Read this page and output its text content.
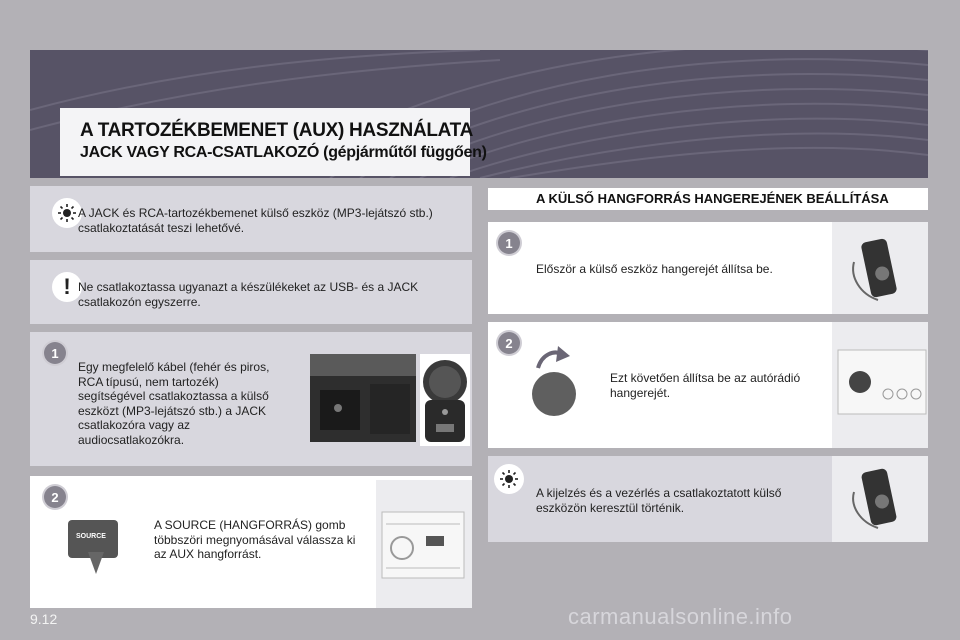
A TARTOZÉKBEMENET (AUX) HASZNÁLATA
JACK VAGY RCA-CSATLAKOZÓ (gépjárműtől függően)
A JACK és RCA-tartozékbemenet külső eszköz (MP3-lejátszó stb.) csatlakoztatását teszi lehetővé.
! Ne csatlakoztassa ugyanazt a készülékeket az USB- és a JACK csatlakozón egyszerre.
1
Egy megfelelő kábel (fehér és piros, RCA típusú, nem tartozék) segítségével csatlakoztassa a külső eszközt (MP3-lejátszó stb.) a JACK csatlakozóra vagy az audiocsatlakozókra.
2
SOURCE
A SOURCE (HANGFORRÁS) gomb többszöri megnyomásával válassza ki az AUX hangforrást.
A KÜLSŐ HANGFORRÁS HANGEREJÉNEK BEÁLLÍTÁSA
1
Először a külső eszköz hangerejét állítsa be.
2
Ezt követően állítsa be az autórádió hangerejét.
A kijelzés és a vezérlés a csatlakoztatott külső eszközön keresztül történik.
9.12	carmanualsonline.info
